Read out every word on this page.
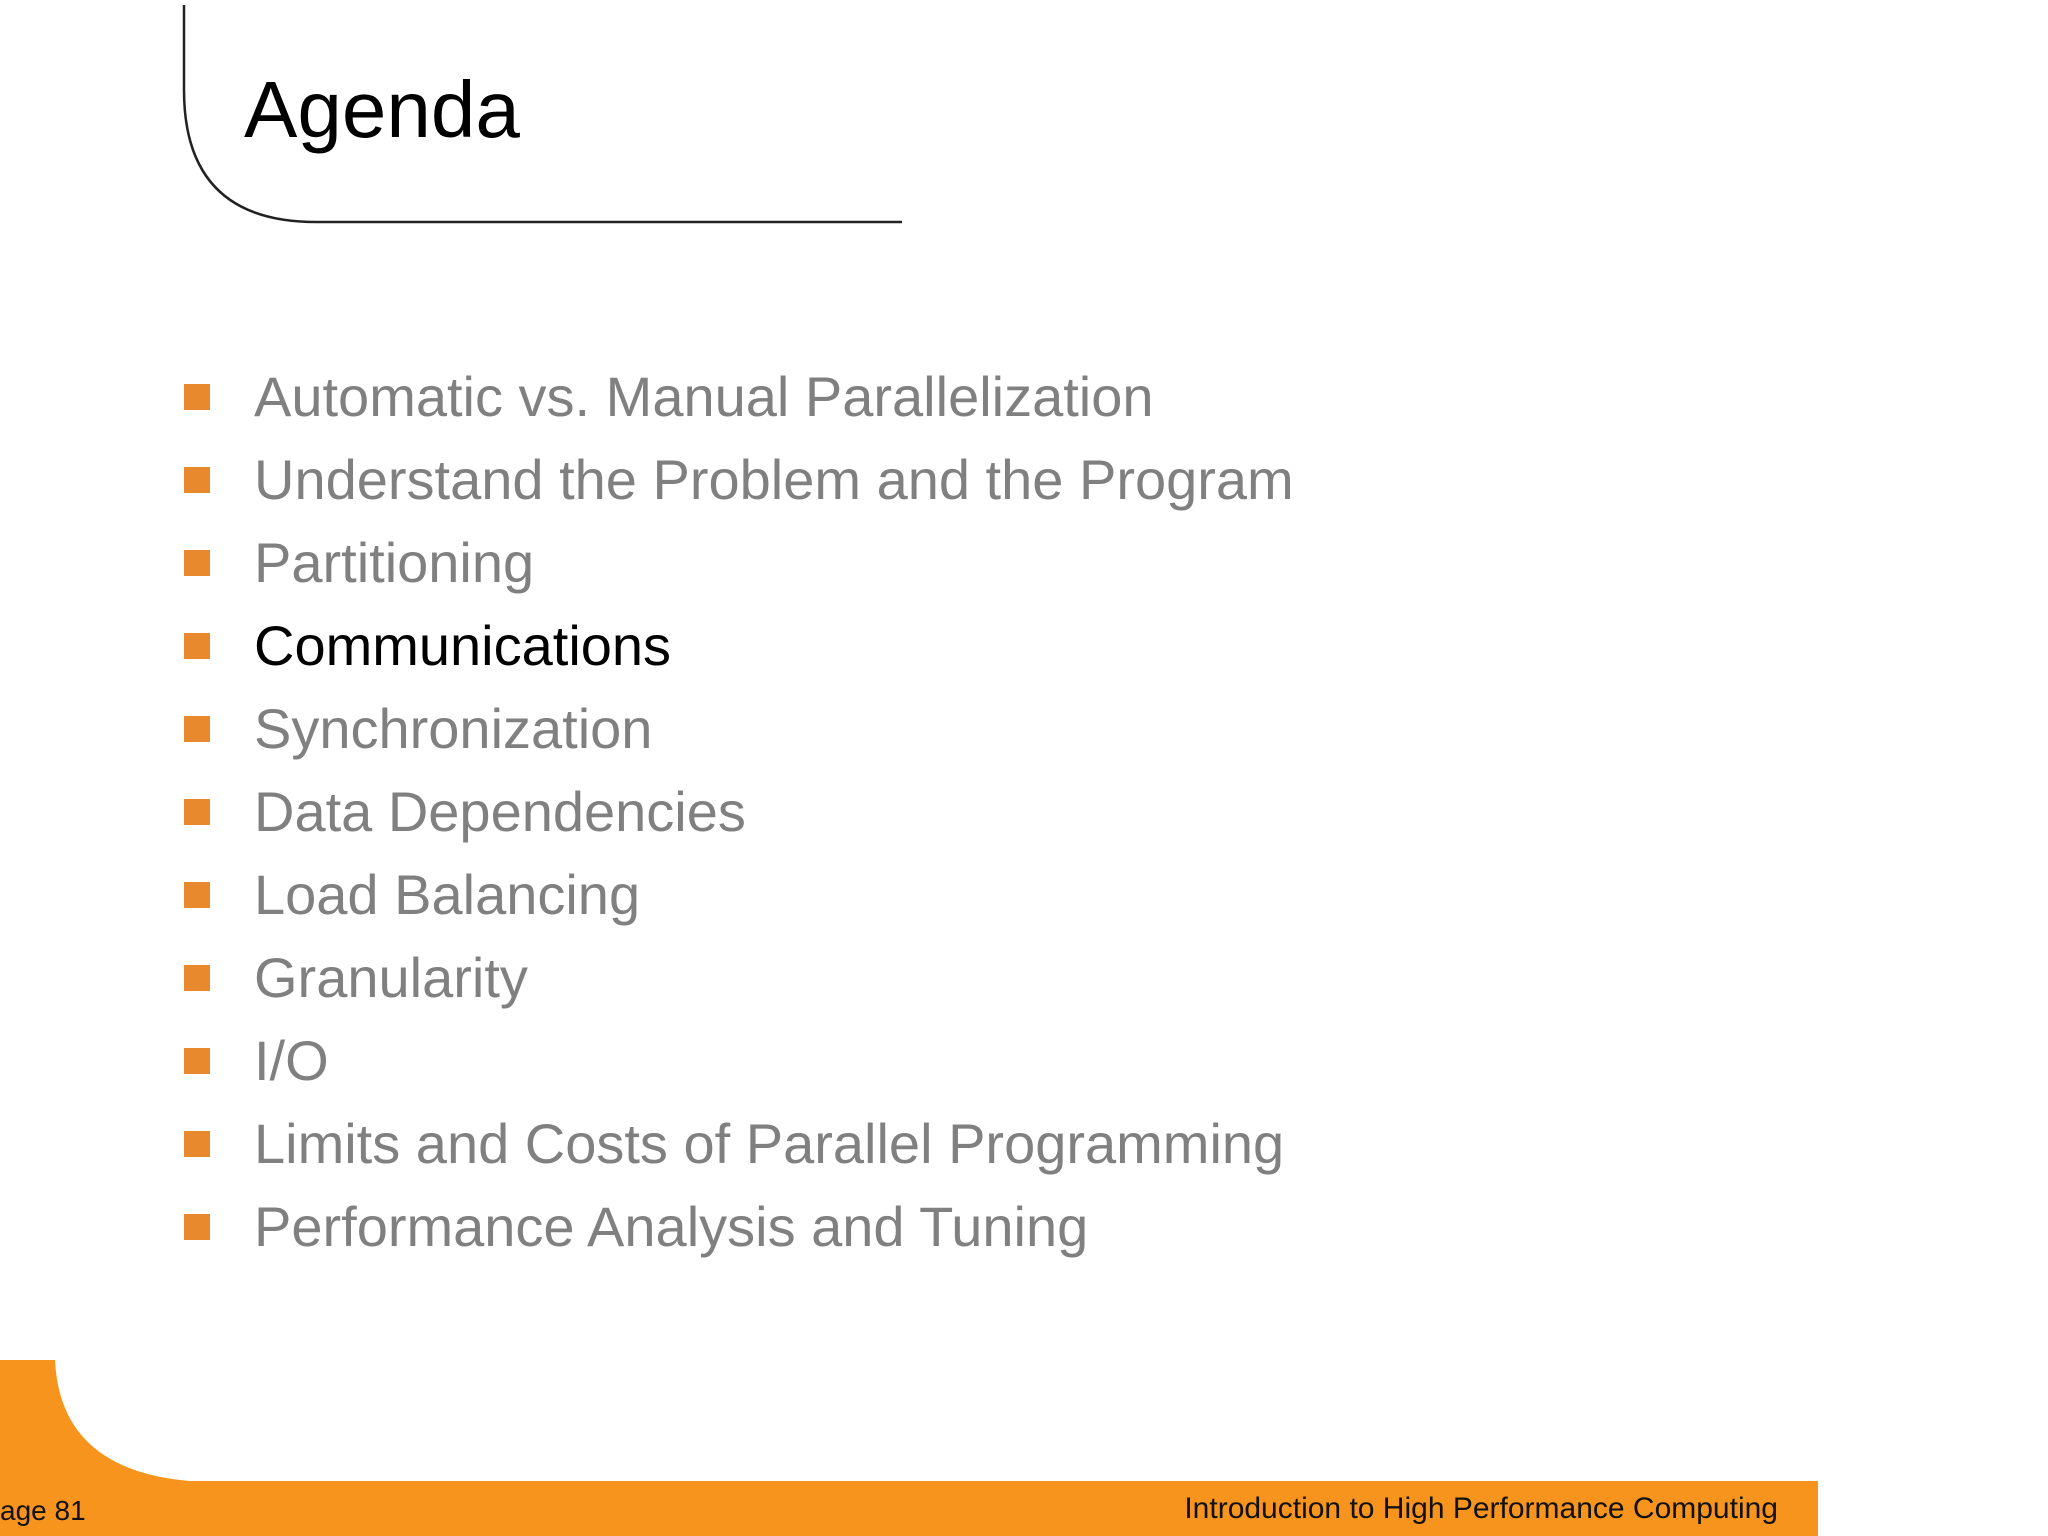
Agenda
Automatic vs. Manual Parallelization
Understand the Problem and the Program
Partitioning
Communications
Synchronization
Data Dependencies
Load Balancing
Granularity
I/O
Limits and Costs of Parallel Programming
Performance Analysis and Tuning
age 81	Introduction to High Performance Computing
